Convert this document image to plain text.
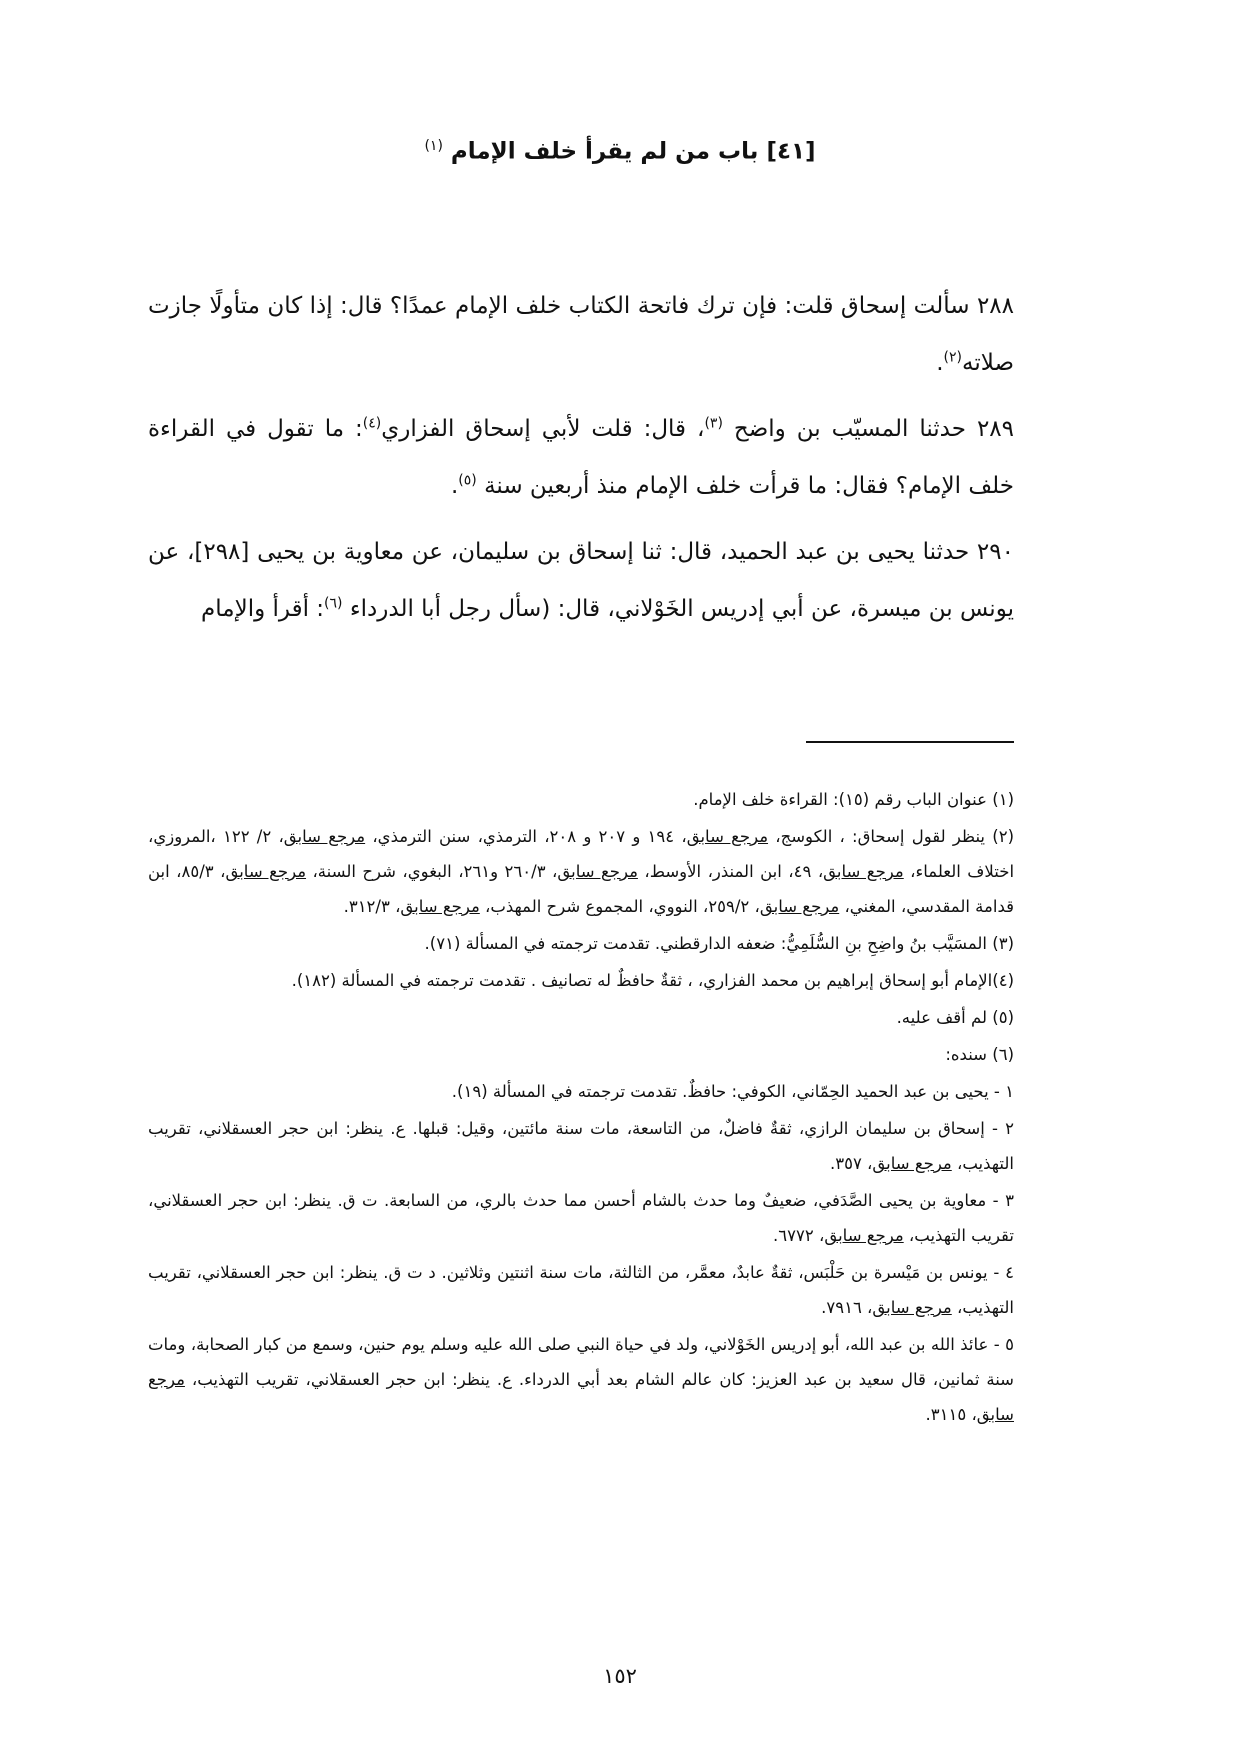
[٤١] باب من لم يقرأ خلف الإمام $^{(١)}$

٢٨٨ سألت إسحاق قلت: فإن ترك فاتحة الكتاب خلف الإمام عمدًا؟ قال: إذا كان متأولًا جازت صلاته$^{(٢)}$.

٢٨٩ حدثنا المسيّب بن واضح $^{(٣)}$، قال: قلت لأبي إسحاق الفزاري$^{(٤)}$: ما تقول في القراءة خلف الإمام؟ فقال: ما قرأت خلف الإمام منذ أربعين سنة $^{(٥)}$.

٢٩٠ حدثنا يحيى بن عبد الحميد، قال: ثنا إسحاق بن سليمان، عن معاوية بن يحيى [٢٩٨]، عن يونس بن ميسرة، عن أبي إدريس الخَوْلاني، قال: (سأل رجل أبا الدرداء $^{(٦)}$: أقرأ والإمام

(١) عنوان الباب رقم (١٥): القراءة خلف الإمام.

(٢) ينظر لقول إسحاق: ، الكوسج، مرجع سابق، ١٩٤ و ٢٠٧ و ٢٠٨، الترمذي، سنن الترمذي، مرجع سابق، ٢/ ١٢٢ ،المروزي، اختلاف العلماء، مرجع سابق، ٤٩، ابن المنذر، الأوسط، مرجع سابق، ٢٦٠/٣ و٢٦١، البغوي، شرح السنة، مرجع سابق، ٨٥/٣، ابن قدامة المقدسي، المغني، مرجع سابق، ٢٥٩/٢، النووي، المجموع شرح المهذب، مرجع سابق، ٣١٢/٣.

(٣) المسَيَّب بنُ واضِحِ بنِ السُّلَمِيُّ: ضعفه الدارقطني. تقدمت ترجمته في المسألة (٧١).

(٤)الإمام أبو إسحاق إبراهيم بن محمد الفزاري، ، ثقةٌ حافظٌ له تصانيف . تقدمت ترجمته في المسألة (١٨٢).

(٥) لم أقف عليه.

(٦) سنده:

١ - يحيى بن عبد الحميد الحِمّاني، الكوفي: حافظٌ. تقدمت ترجمته في المسألة (١٩).

٢ - إسحاق بن سليمان الرازي، ثقةٌ فاضلٌ، من التاسعة، مات سنة مائتين، وقيل: قبلها. ع. ينظر: ابن حجر العسقلاني، تقريب التهذيب، مرجع سابق، ٣٥٧.

٣ - معاوية بن يحيى الصَّدَفي، ضعيفٌ وما حدث بالشام أحسن مما حدث بالري، من السابعة. ت ق. ينظر: ابن حجر العسقلاني، تقريب التهذيب، مرجع سابق، ٦٧٧٢.

٤ - يونس بن مَيْسرة بن حَلْبَس، ثقةٌ عابدٌ، معمَّر، من الثالثة، مات سنة اثنتين وثلاثين. د ت ق. ينظر: ابن حجر العسقلاني، تقريب التهذيب، مرجع سابق، ٧٩١٦.

٥ - عائذ الله بن عبد الله، أبو إدريس الخَوْلاني، ولد في حياة النبي صلى الله عليه وسلم يوم حنين، وسمع من كبار الصحابة، ومات سنة ثمانين، قال سعيد بن عبد العزيز: كان عالم الشام بعد أبي الدرداء. ع. ينظر: ابن حجر العسقلاني، تقريب التهذيب، مرجع سابق، ٣١١٥.

١٥٢
